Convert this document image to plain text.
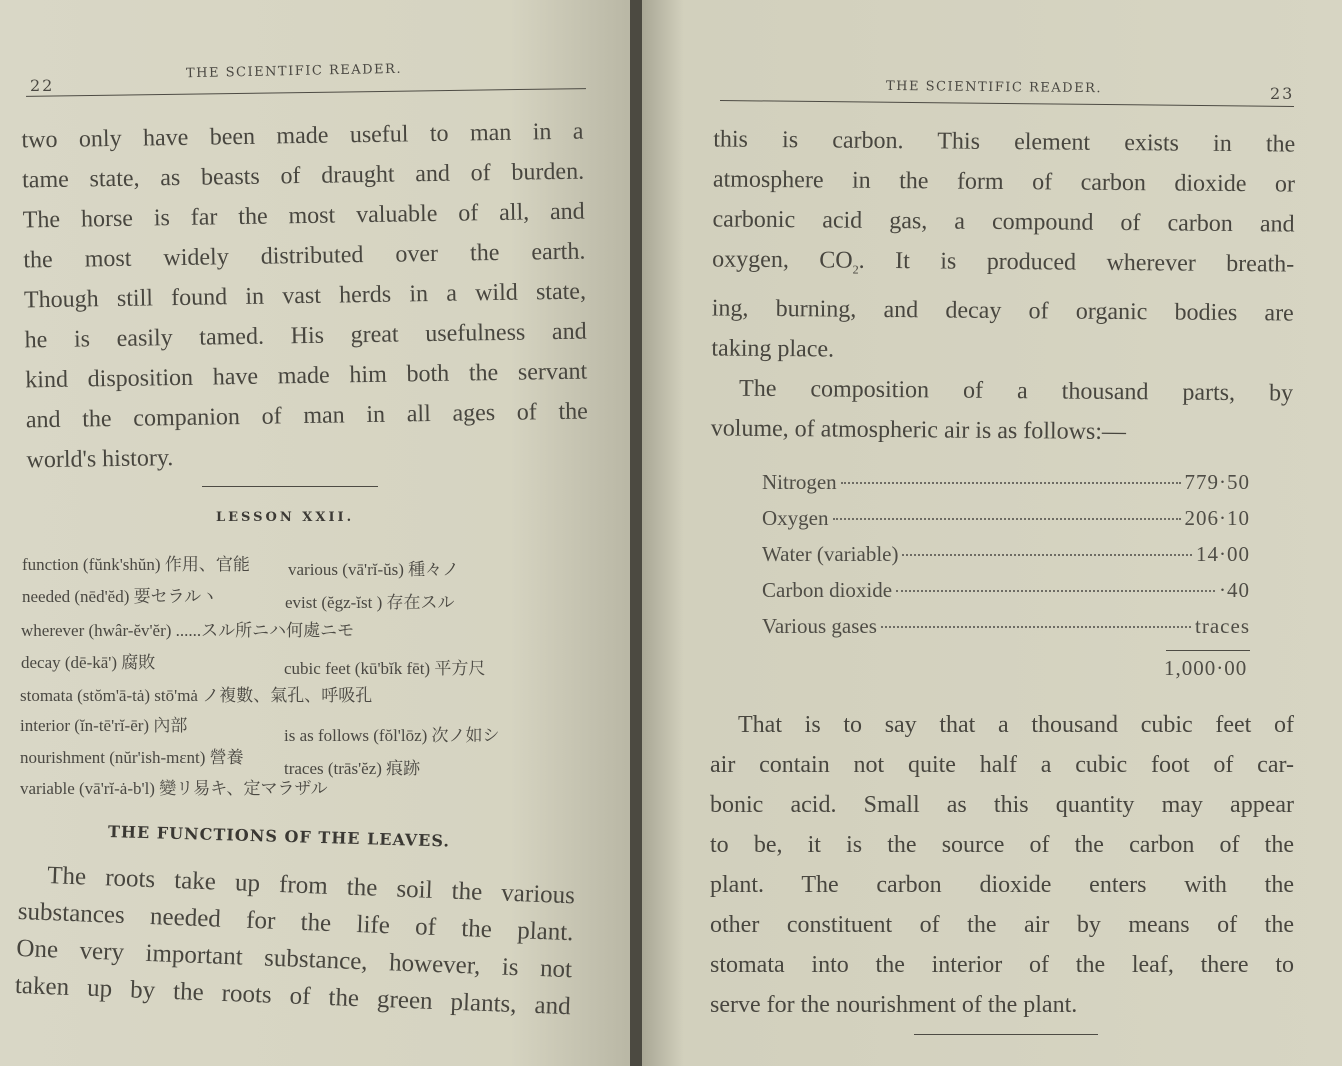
22
THE SCIENTIFIC READER.

two only have been made useful to man in a

tame state, as beasts of draught and of burden.

The horse is far the most valuable of all, and

the most widely distributed over the earth.

Though still found in vast herds in a wild state,

he is easily tamed. His great usefulness and

kind disposition have made him both the servant

and the companion of man in all ages of the

world's history.

LESSON XXII.
function (fŭnk'shŭn) 作用、官能 various (vā'rĭ-ŭs) 種々ノ
needed (nēd'ĕd) 要セラルヽ	evist (ĕgz-ĭst ) 存在スル
wherever (hwâr-ĕv'ĕr) ......スル所ニハ何處ニモ
decay (dē-kā') 腐敗	cubic feet (kū'bĭk fēt) 平方尺
stomata (stŏm'ā-tȧ) stō'mȧ ノ複數、氣孔、呼吸孔
interior (ĭn-tē'rĭ-ēr) 內部
is as follows (fŏl'lōz) 次ノ如シ
nourishment (nŭr'ish-mεnt) 營養
traces (trās'ĕz) 痕跡
variable (vā'rĭ-ȧ-b'l) 變リ易キ、定マラザル
THE FUNCTIONS OF THE LEAVES.

The roots take up from the soil the various

substances needed for the life of the plant.

One very important substance, however, is not

taken up by the roots of the green plants, and

THE SCIENTIFIC READER.	23

this is carbon. This element exists in the

atmosphere in the form of carbon dioxide or

carbonic acid gas, a compound of carbon and

oxygen, $CO_2$. It is produced wherever breath-

ing, burning, and decay of organic bodies are

taking place.

The composition of a thousand parts, by

volume, of atmospheric air is as follows:—

Nitrogen	779·50
Oxygen	206·10
Water (variable)	14·00
Carbon dioxide	·40
Various gases	traces
1,000·00

That is to say that a thousand cubic feet of

air contain not quite half a cubic foot of car-

bonic acid. Small as this quantity may appear

to be, it is the source of the carbon of the

plant. The carbon dioxide enters with the

other constituent of the air by means of the

stomata into the interior of the leaf, there to

serve for the nourishment of the plant.
